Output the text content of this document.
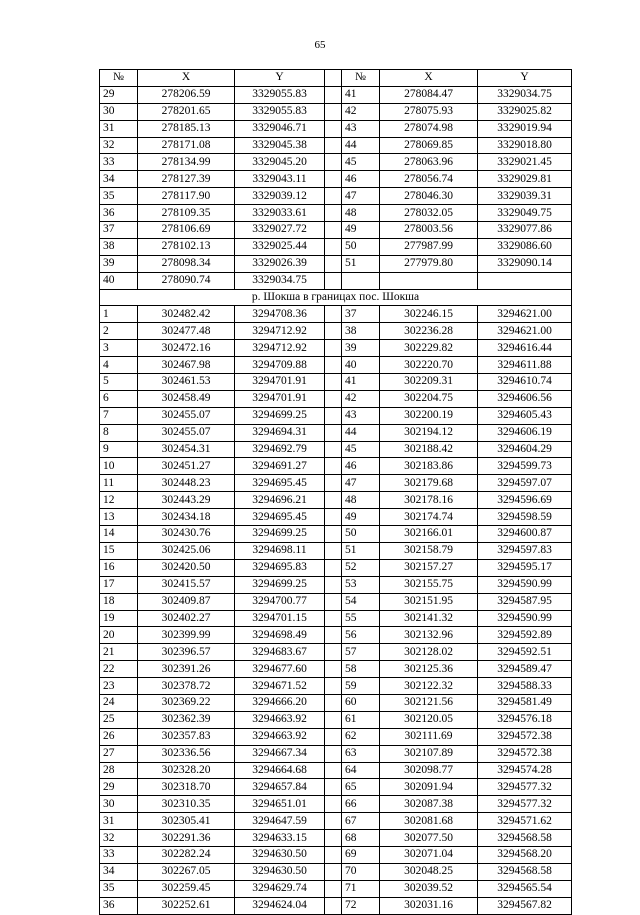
65
№	X	Y		№	X	Y
29	278206.59	3329055.83		41	278084.47	3329034.75
30	278201.65	3329055.83		42	278075.93	3329025.82
31	278185.13	3329046.71		43	278074.98	3329019.94
32	278171.08	3329045.38		44	278069.85	3329018.80
33	278134.99	3329045.20		45	278063.96	3329021.45
34	278127.39	3329043.11		46	278056.74	3329029.81
35	278117.90	3329039.12		47	278046.30	3329039.31
36	278109.35	3329033.61		48	278032.05	3329049.75
37	278106.69	3329027.72		49	278003.56	3329077.86
38	278102.13	3329025.44		50	277987.99	3329086.60
39	278098.34	3329026.39		51	277979.80	3329090.14
40	278090.74	3329034.75				
р. Шокша в границах пос. Шокша						
1	302482.42	3294708.36		37	302246.15	3294621.00
2	302477.48	3294712.92		38	302236.28	3294621.00
3	302472.16	3294712.92		39	302229.82	3294616.44
4	302467.98	3294709.88		40	302220.70	3294611.88
5	302461.53	3294701.91		41	302209.31	3294610.74
6	302458.49	3294701.91		42	302204.75	3294606.56
7	302455.07	3294699.25		43	302200.19	3294605.43
8	302455.07	3294694.31		44	302194.12	3294606.19
9	302454.31	3294692.79		45	302188.42	3294604.29
10	302451.27	3294691.27		46	302183.86	3294599.73
11	302448.23	3294695.45		47	302179.68	3294597.07
12	302443.29	3294696.21		48	302178.16	3294596.69
13	302434.18	3294695.45		49	302174.74	3294598.59
14	302430.76	3294699.25		50	302166.01	3294600.87
15	302425.06	3294698.11		51	302158.79	3294597.83
16	302420.50	3294695.83		52	302157.27	3294595.17
17	302415.57	3294699.25		53	302155.75	3294590.99
18	302409.87	3294700.77		54	302151.95	3294587.95
19	302402.27	3294701.15		55	302141.32	3294590.99
20	302399.99	3294698.49		56	302132.96	3294592.89
21	302396.57	3294683.67		57	302128.02	3294592.51
22	302391.26	3294677.60		58	302125.36	3294589.47
23	302378.72	3294671.52		59	302122.32	3294588.33
24	302369.22	3294666.20		60	302121.56	3294581.49
25	302362.39	3294663.92		61	302120.05	3294576.18
26	302357.83	3294663.92		62	302111.69	3294572.38
27	302336.56	3294667.34		63	302107.89	3294572.38
28	302328.20	3294664.68		64	302098.77	3294574.28
29	302318.70	3294657.84		65	302091.94	3294577.32
30	302310.35	3294651.01		66	302087.38	3294577.32
31	302305.41	3294647.59		67	302081.68	3294571.62
32	302291.36	3294633.15		68	302077.50	3294568.58
33	302282.24	3294630.50		69	302071.04	3294568.20
34	302267.05	3294630.50		70	302048.25	3294568.58
35	302259.45	3294629.74		71	302039.52	3294565.54
36	302252.61	3294624.04		72	302031.16	3294567.82
